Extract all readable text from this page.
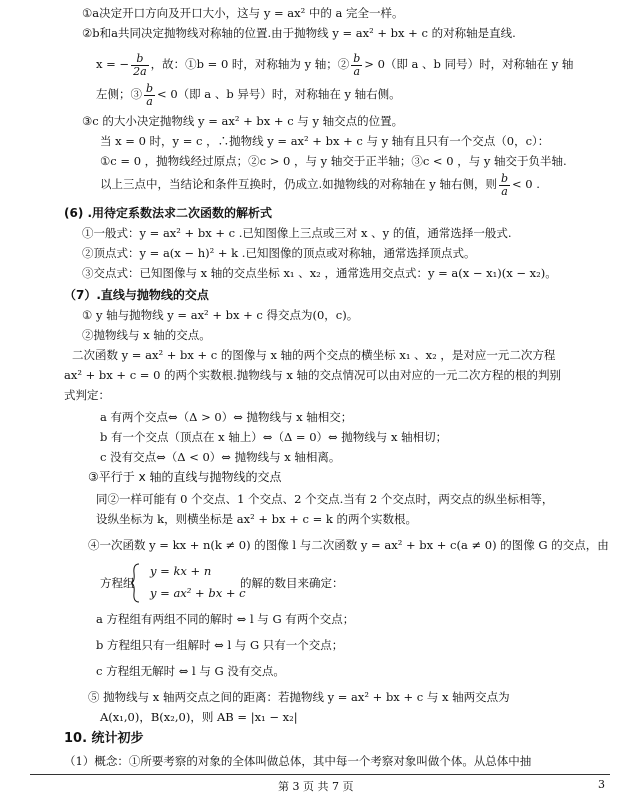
①a决定开口方向及开口大小，这与 y = ax² 中的 a 完全一样。
②b和a共同决定抛物线对称轴的位置.由于抛物线 y = ax² + bx + c 的对称轴是直线.
x = − $\frac{b}{2a}$ ，故：①b = 0 时，对称轴为 y 轴；② $\frac{b}{a} > 0$（即 a 、b 同号）时，对称轴在 y 轴
左侧；③ $\frac{b}{a} < 0$（即 a 、b 异号）时，对称轴在 y 轴右侧。
③c 的大小决定抛物线 y = ax² + bx + c 与 y 轴交点的位置。
当 x = 0 时，y = c ，∴抛物线 y = ax² + bx + c 与 y 轴有且只有一个交点（0，c）：
①c = 0 ，抛物线经过原点；②c > 0 ，与 y 轴交于正半轴；③c < 0 ，与 y 轴交于负半轴.
以上三点中，当结论和条件互换时，仍成立.如抛物线的对称轴在 y 轴右侧，则 $\frac{b}{a} < 0$ .
(6) .用待定系数法求二次函数的解析式
①一般式：y = ax² + bx + c .已知图像上三点或三对 x 、y 的值，通常选择一般式.
②顶点式：y = a(x − h)² + k .已知图像的顶点或对称轴，通常选择顶点式。
③交点式：已知图像与 x 轴的交点坐标 x₁ 、x₂ ，通常选用交点式：y = a(x − x₁)(x − x₂)。
（7）.直线与抛物线的交点
① y 轴与抛物线 y = ax² + bx + c 得交点为(0，c)。
②抛物线与 x 轴的交点。
二次函数 y = ax² + bx + c 的图像与 x 轴的两个交点的横坐标 x₁ 、x₂ ，是对应一元二次方程
ax² + bx + c = 0 的两个实数根.抛物线与 x 轴的交点情况可以由对应的一元二次方程的根的判别
式判定：
a 有两个交点⇔（Δ > 0）⇔ 抛物线与 x 轴相交；
b 有一个交点（顶点在 x 轴上）⇔（Δ = 0）⇔ 抛物线与 x 轴相切；
c 没有交点⇔（Δ < 0）⇔ 抛物线与 x 轴相离。
③平行于 x 轴的直线与抛物线的交点
同②一样可能有 0 个交点、1 个交点、2 个交点.当有 2 个交点时，两交点的纵坐标相等，
设纵坐标为 k，则横坐标是 ax² + bx + c = k 的两个实数根。
④一次函数 y = kx + n(k ≠ 0) 的图像 l 与二次函数 y = ax² + bx + c(a ≠ 0) 的图像 G 的交点，由
方程组
y = kx + n
y = ax² + bx + c
的解的数目来确定：
a 方程组有两组不同的解时 ⇔ l 与 G 有两个交点；
b 方程组只有一组解时 ⇔ l 与 G 只有一个交点；
c 方程组无解时 ⇔ l 与 G 没有交点。
⑤ 抛物线与 x 轴两交点之间的距离：若抛物线 y = ax² + bx + c 与 x 轴两交点为
A(x₁,0)，B(x₂,0)，则 AB = |x₁ − x₂|
10. 统计初步
（1）概念：①所要考察的对象的全体叫做总体，其中每一个考察对象叫做个体。从总体中抽
第 3 页 共 7 页	3
